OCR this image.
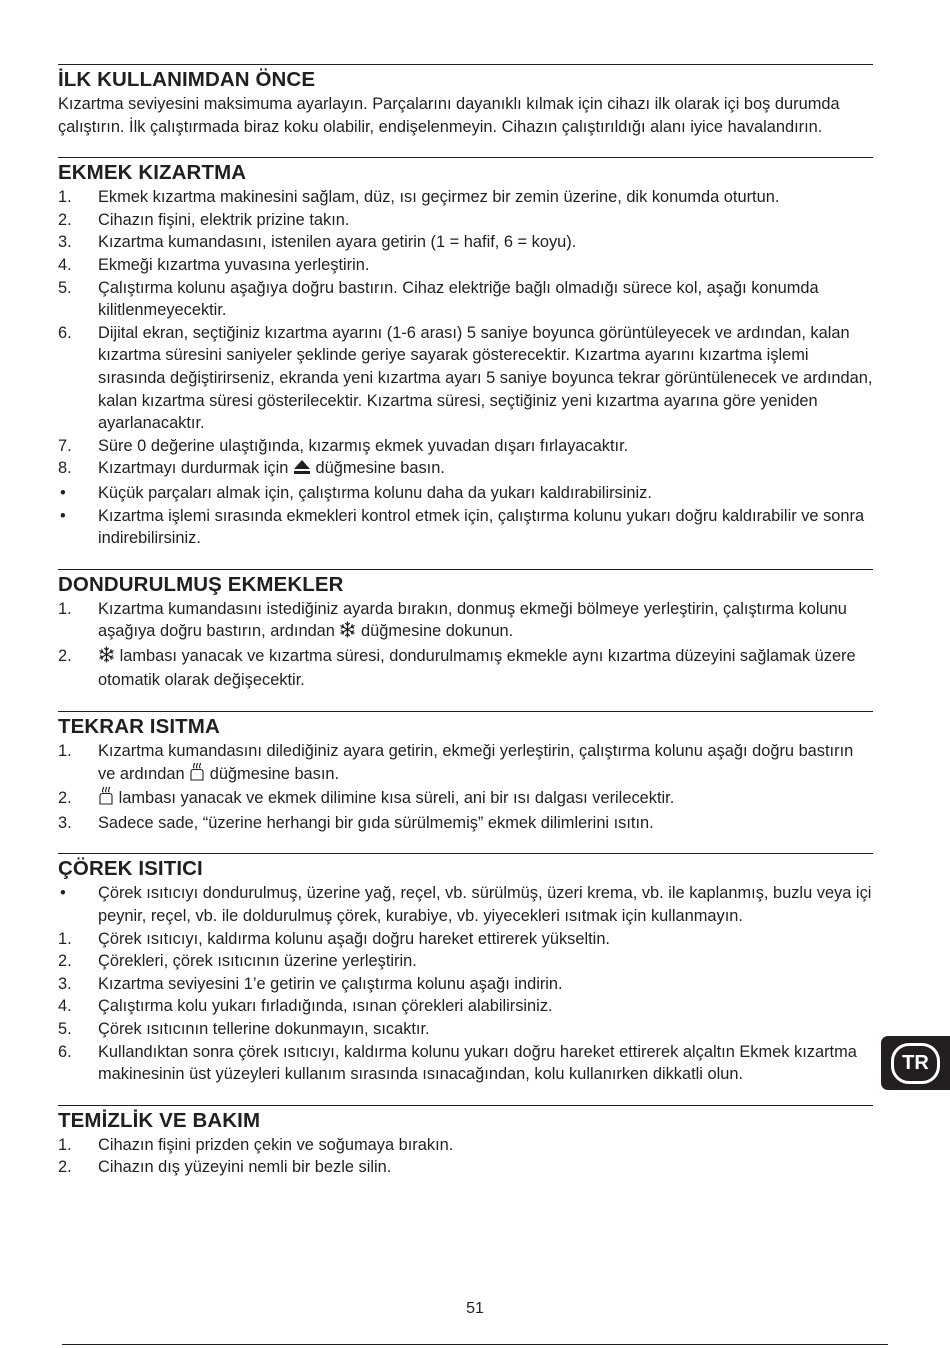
İLK KULLANIMDAN ÖNCE

Kızartma seviyesini maksimuma ayarlayın. Parçalarını dayanıklı kılmak için cihazı ilk olarak içi boş durumda çalıştırın. İlk çalıştırmada biraz koku olabilir, endişelenmeyin. Cihazın çalıştırıldığı alanı iyice havalandırın.

EKMEK KIZARTMA
1.	Ekmek kızartma makinesini sağlam, düz, ısı geçirmez bir zemin üzerine, dik konumda oturtun.
2.	Cihazın fişini, elektrik prizine takın.
3.	Kızartma kumandasını, istenilen ayara getirin (1 = hafif, 6 = koyu).
4.	Ekmeği kızartma yuvasına yerleştirin.
5.	Çalıştırma kolunu aşağıya doğru bastırın. Cihaz elektriğe bağlı olmadığı sürece kol, aşağı konumda kilitlenmeyecektir.
6.	Dijital ekran, seçtiğiniz kızartma ayarını (1-6 arası) 5 saniye boyunca görüntüleyecek ve ardından, kalan kızartma süresini saniyeler şeklinde geriye sayarak gösterecektir. Kızartma ayarını kızartma işlemi sırasında değiştirirseniz, ekranda yeni kızartma ayarı 5 saniye boyunca tekrar görüntülenecek ve ardından, kalan kızartma süresi gösterilecektir. Kızartma süresi, seçtiğiniz yeni kızartma ayarına göre yeniden ayarlanacaktır.
7.	Süre 0 değerine ulaştığında, kızarmış ekmek yuvadan dışarı fırlayacaktır.
8.	Kızartmayı durdurmak için düğmesine basın.
•	Küçük parçaları almak için, çalıştırma kolunu daha da yukarı kaldırabilirsiniz.
•	Kızartma işlemi sırasında ekmekleri kontrol etmek için, çalıştırma kolunu yukarı doğru kaldırabilir ve sonra indirebilirsiniz.
DONDURULMUŞ EKMEKLER
1.	Kızartma kumandasını istediğiniz ayarda bırakın, donmuş ekmeği bölmeye yerleştirin, çalıştırma kolunu aşağıya doğru bastırın, ardından düğmesine dokunun.
2.	lambası yanacak ve kızartma süresi, dondurulmamış ekmekle aynı kızartma düzeyini sağlamak üzere otomatik olarak değişecektir.
TEKRAR ISITMA
1.	Kızartma kumandasını dilediğiniz ayara getirin, ekmeği yerleştirin, çalıştırma kolunu aşağı doğru bastırın ve ardından düğmesine basın.
2.	lambası yanacak ve ekmek dilimine kısa süreli, ani bir ısı dalgası verilecektir.
3.	Sadece sade, “üzerine herhangi bir gıda sürülmemiş” ekmek dilimlerini ısıtın.
ÇÖREK ISITICI
•	Çörek ısıtıcıyı dondurulmuş, üzerine yağ, reçel, vb. sürülmüş, üzeri krema, vb. ile kaplanmış, buzlu veya içi peynir, reçel, vb. ile doldurulmuş çörek, kurabiye, vb. yiyecekleri ısıtmak için kullanmayın.
1.	Çörek ısıtıcıyı, kaldırma kolunu aşağı doğru hareket ettirerek yükseltin.
2.	Çörekleri, çörek ısıtıcının üzerine yerleştirin.
3.	Kızartma seviyesini 1’e getirin ve çalıştırma kolunu aşağı indirin.
4.	Çalıştırma kolu yukarı fırladığında, ısınan çörekleri alabilirsiniz.
5.	Çörek ısıtıcının tellerine dokunmayın, sıcaktır.
6.	Kullandıktan sonra çörek ısıtıcıyı, kaldırma kolunu yukarı doğru hareket ettirerek alçaltın Ekmek kızartma makinesinin üst yüzeyleri kullanım sırasında ısınacağından, kolu kullanırken dikkatli olun.
TEMİZLİK VE BAKIM
1.	Cihazın fişini prizden çekin ve soğumaya bırakın.
2.	Cihazın dış yüzeyini nemli bir bezle silin.
TR
51
